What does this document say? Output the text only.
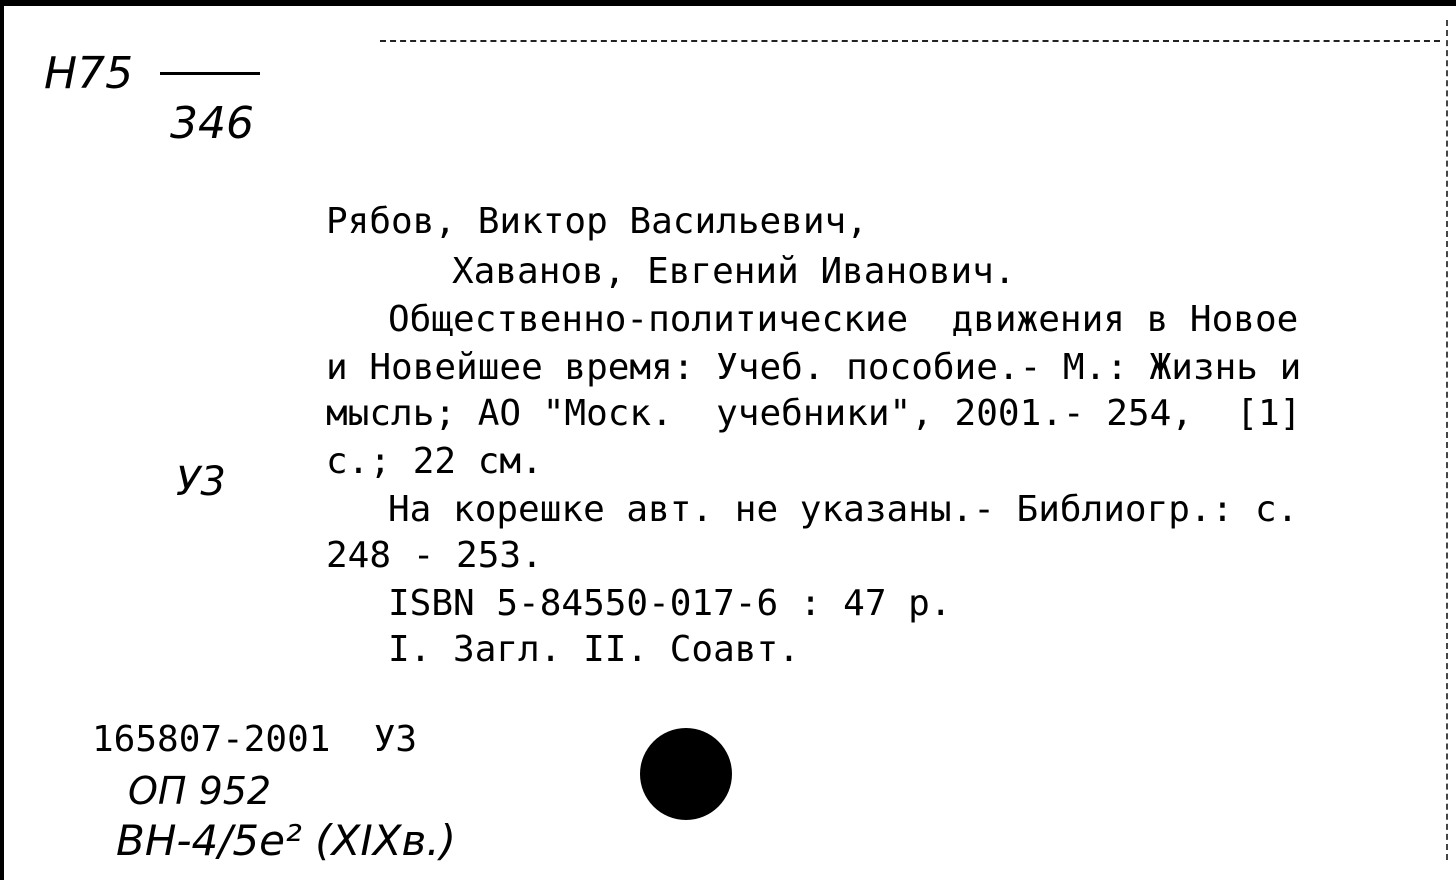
Н75
346
Рябов, Виктор Васильевич,
Хаванов, Евгений Иванович.
Общественно-политические  движения в Новое
и Новейшее время: Учеб. пособие.- М.: Жизнь и
мысль; АО "Моск.  учебники", 2001.- 254,  [1]
с.; 22 см.
На корешке авт. не указаны.- Библиогр.: с.
248 - 253.
ISBN 5-84550-017-6 : 47 р.
I. Загл. II. Соавт.
У3
165807-2001  УЗ
ОП 952
ВН-4/5е² (XIXв.)
